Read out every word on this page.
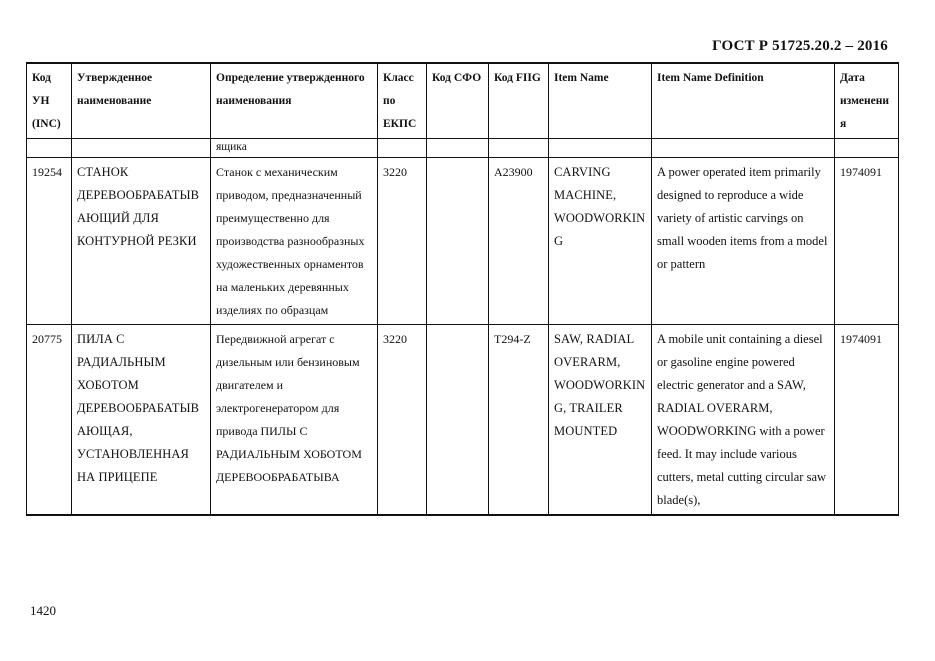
ГОСТ Р 51725.20.2 – 2016
Код УН (INC)	Утвержденное наименование	Определение утвержденного наименования	Класс по ЕКПС	Код СФО	Код FIIG	Item Name	Item Name Definition	Дата изменения
		ящика						
19254	СТАНОК ДЕРЕВООБРАБАТЫВАЮЩИЙ ДЛЯ КОНТУРНОЙ РЕЗКИ	Станок с механическим приводом, предназначенный преимущественно для производства разнообразных художественных орнаментов на маленьких деревянных изделиях по образцам	3220		A23900	CARVING MACHINE, WOODWORKING	A power operated item primarily designed to reproduce a wide variety of artistic carvings on small wooden items from a model or pattern	1974091
20775	ПИЛА С РАДИАЛЬНЫМ ХОБОТОМ ДЕРЕВООБРАБАТЫВАЮЩАЯ, УСТАНОВЛЕННАЯ НА ПРИЦЕПЕ	Передвижной агрегат с дизельным или бензиновым двигателем и электрогенератором для привода ПИЛЫ С РАДИАЛЬНЫМ ХОБОТОМ ДЕРЕВООБРАБАТЫВА	3220		T294-Z	SAW, RADIAL OVERARM, WOODWORKING, TRAILER MOUNTED	A mobile unit containing a diesel or gasoline engine powered electric generator and a SAW, RADIAL OVERARM, WOODWORKING with a power feed. It may include various cutters, metal cutting circular saw blade(s),	1974091
1420
